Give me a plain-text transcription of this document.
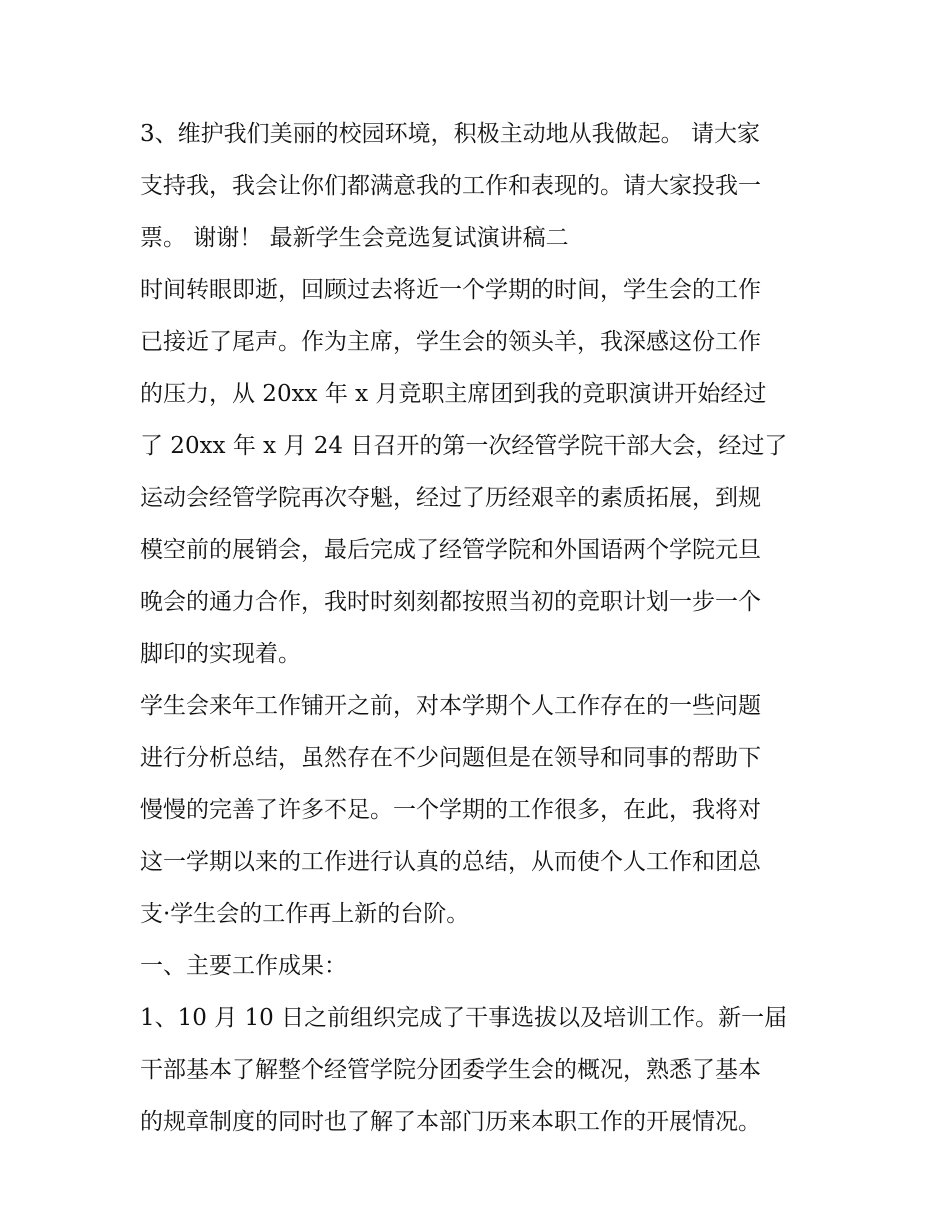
3、维护我们美丽的校园环境，积极主动地从我做起。 请大家

支持我，我会让你们都满意我的工作和表现的。请大家投我一

票。 谢谢！ 最新学生会竞选复试演讲稿二

时间转眼即逝，回顾过去将近一个学期的时间，学生会的工作

已接近了尾声。作为主席，学生会的领头羊，我深感这份工作

的压力，从 20xx 年 x 月竞职主席团到我的竞职演讲开始经过

了 20xx 年 x 月 24 日召开的第一次经管学院干部大会，经过了

运动会经管学院再次夺魁，经过了历经艰辛的素质拓展，到规

模空前的展销会，最后完成了经管学院和外国语两个学院元旦

晚会的通力合作，我时时刻刻都按照当初的竞职计划一步一个

脚印的实现着。

学生会来年工作铺开之前，对本学期个人工作存在的一些问题

进行分析总结，虽然存在不少问题但是在领导和同事的帮助下

慢慢的完善了许多不足。一个学期的工作很多，在此，我将对

这一学期以来的工作进行认真的总结，从而使个人工作和团总

支·学生会的工作再上新的台阶。

一、主要工作成果：

1、10 月 10 日之前组织完成了干事选拔以及培训工作。新一届

干部基本了解整个经管学院分团委学生会的概况，熟悉了基本

的规章制度的同时也了解了本部门历来本职工作的开展情况。
